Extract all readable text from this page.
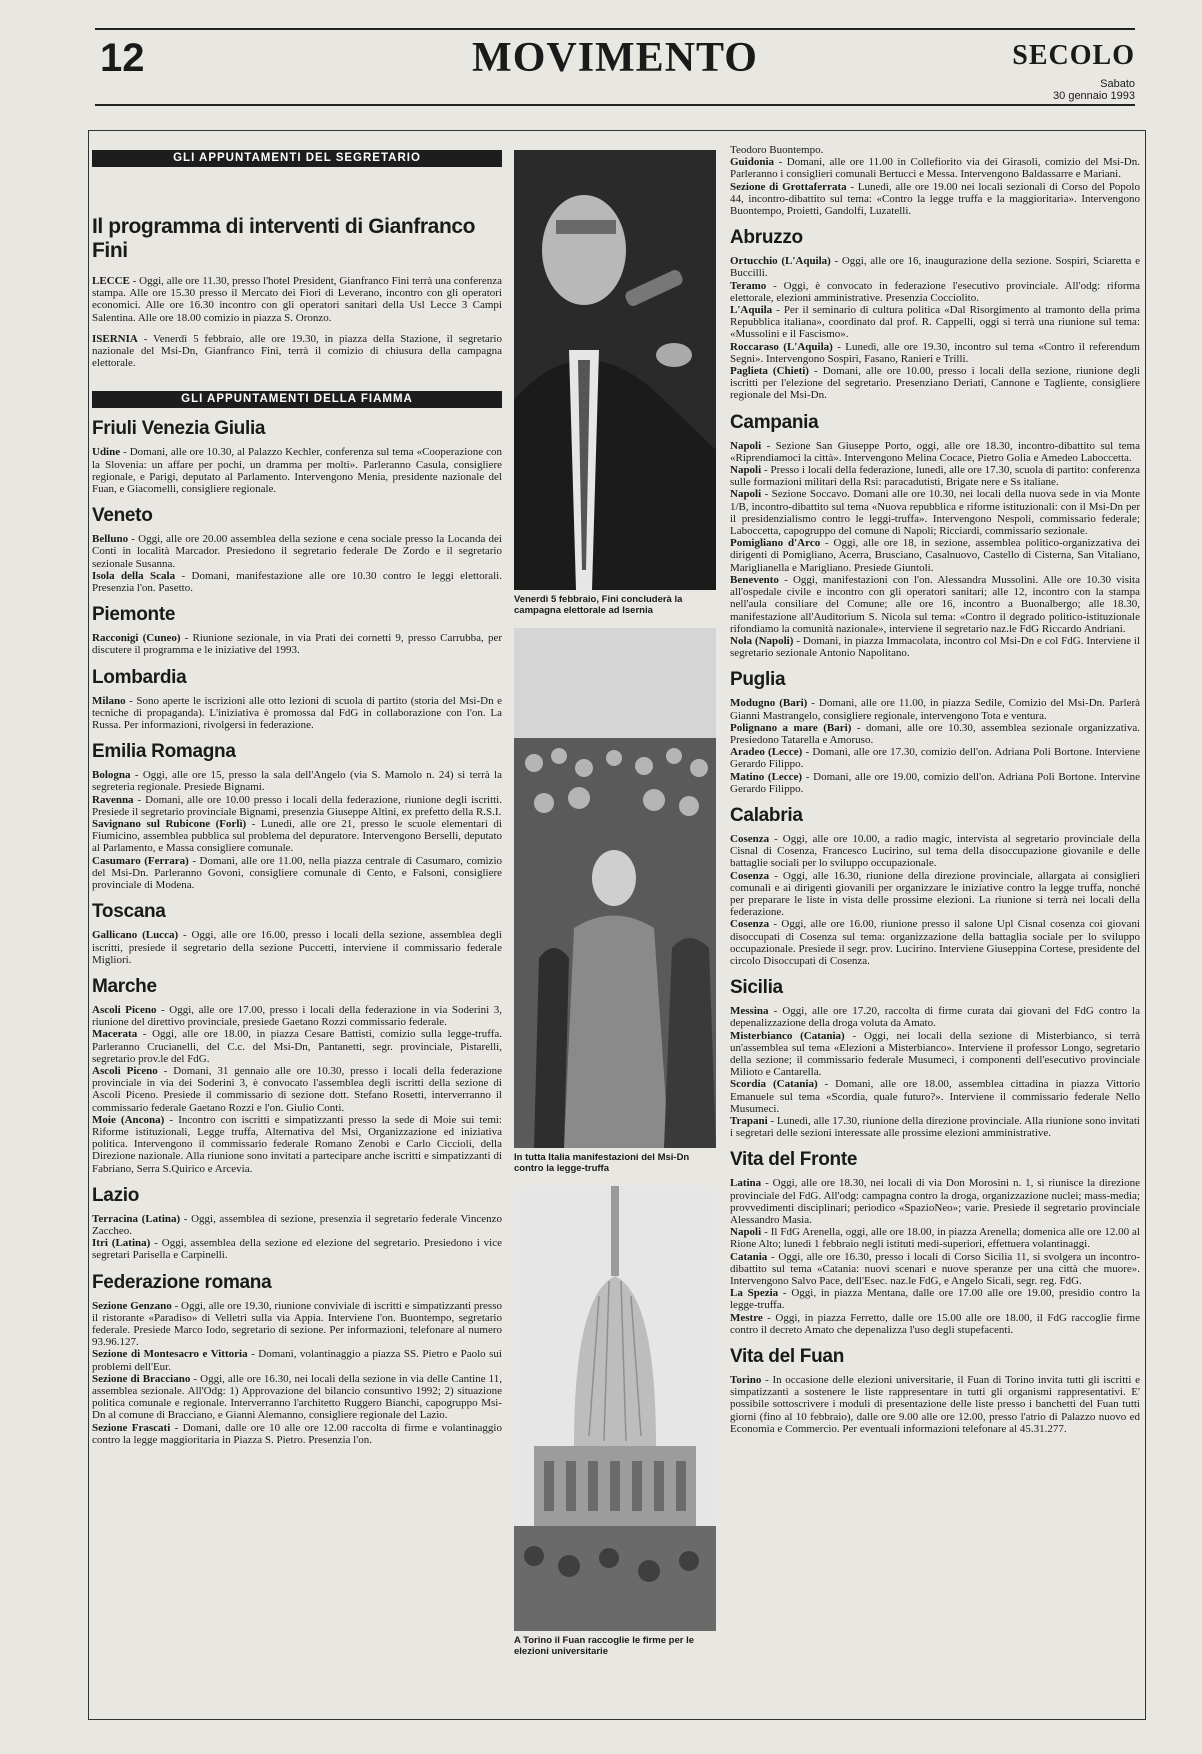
12	MOVIMENTO	SECOLO
Sabato
30 gennaio 1993
GLI APPUNTAMENTI DEL SEGRETARIO
Il programma di interventi di Gianfranco Fini

LECCE - Oggi, alle ore 11.30, presso l'hotel President, Gianfranco Fini terrà una conferenza stampa. Alle ore 15.30 presso il Mercato dei Fiori di Leverano, incontro con gli operatori economici. Alle ore 16.30 incontro con gli operatori sanitari della Usl Lecce 3 Campi Salentina. Alle ore 18.00 comizio in piazza S. Oronzo.

ISERNIA - Venerdì 5 febbraio, alle ore 19.30, in piazza della Stazione, il segretario nazionale del Msi-Dn, Gianfranco Fini, terrà il comizio di chiusura della campagna elettorale.

GLI APPUNTAMENTI DELLA FIAMMA
Friuli Venezia Giulia

Udine - Domani, alle ore 10.30, al Palazzo Kechler, conferenza sul tema «Cooperazione con la Slovenia: un affare per pochi, un dramma per molti». Parleranno Casula, consigliere regionale, e Parigi, deputato al Parlamento. Intervengono Menia, presidente nazionale del Fuan, e Giacomelli, consigliere regionale.

Veneto

Belluno - Oggi, alle ore 20.00 assemblea della sezione e cena sociale presso la Locanda dei Conti in località Marcador. Presiedono il segretario federale De Zordo e il segretario sezionale Susanna.

Isola della Scala - Domani, manifestazione alle ore 10.30 contro le leggi elettorali. Presenzia l'on. Pasetto.

Piemonte

Racconigi (Cuneo) - Riunione sezionale, in via Prati dei cornetti 9, presso Carrubba, per discutere il programma e le iniziative del 1993.

Lombardia

Milano - Sono aperte le iscrizioni alle otto lezioni di scuola di partito (storia del Msi-Dn e tecniche di propaganda). L'iniziativa è promossa dal FdG in collaborazione con l'on. La Russa. Per informazioni, rivolgersi in federazione.

Emilia Romagna

Bologna - Oggi, alle ore 15, presso la sala dell'Angelo (via S. Mamolo n. 24) si terrà la segreteria regionale. Presiede Bignami.

Ravenna - Domani, alle ore 10.00 presso i locali della federazione, riunione degli iscritti. Presiede il segretario provinciale Bignami, presenzia Giuseppe Altini, ex prefetto della R.S.I.

Savignano sul Rubicone (Forlì) - Lunedì, alle ore 21, presso le scuole elementari di Fiumicino, assemblea pubblica sul problema del depuratore. Intervengono Berselli, deputato al Parlamento, e Massa consigliere comunale.

Casumaro (Ferrara) - Domani, alle ore 11.00, nella piazza centrale di Casumaro, comizio del Msi-Dn. Parleranno Govoni, consigliere comunale di Cento, e Falsoni, consigliere provinciale di Modena.

Toscana

Gallicano (Lucca) - Oggi, alle ore 16.00, presso i locali della sezione, assemblea degli iscritti, presiede il segretario della sezione Puccetti, interviene il commissario federale Migliori.

Marche

Ascoli Piceno - Oggi, alle ore 17.00, presso i locali della federazione in via Soderini 3, riunione del direttivo provinciale, presiede Gaetano Rozzi commissario federale.

Macerata - Oggi, alle ore 18.00, in piazza Cesare Battisti, comizio sulla legge-truffa. Parleranno Crucianelli, del C.c. del Msi-Dn, Pantanetti, segr. provinciale, Pistarelli, segretario prov.le del FdG.

Ascoli Piceno - Domani, 31 gennaio alle ore 10.30, presso i locali della federazione provinciale in via dei Soderini 3, è convocato l'assemblea degli iscritti della sezione di Ascoli Piceno. Presiede il commissario di sezione dott. Stefano Rosetti, interverranno il commissario federale Gaetano Rozzi e l'on. Giulio Conti.

Moie (Ancona) - Incontro con iscritti e simpatizzanti presso la sede di Moie sui temi: Riforme istituzionali, Legge truffa, Alternativa del Msi, Organizzazione ed iniziativa politica. Intervengono il commissario federale Romano Zenobi e Carlo Ciccioli, della Direzione nazionale. Alla riunione sono invitati a partecipare anche iscritti e simpatizzanti di Fabriano, Serra S.Quirico e Arcevia.

Lazio

Terracina (Latina) - Oggi, assemblea di sezione, presenzia il segretario federale Vincenzo Zaccheo.

Itri (Latina) - Oggi, assemblea della sezione ed elezione del segretario. Presiedono i vice segretari Parisella e Carpinelli.

Federazione romana

Sezione Genzano - Oggi, alle ore 19.30, riunione conviviale di iscritti e simpatizzanti presso il ristorante «Paradiso» di Velletri sulla via Appia. Interviene l'on. Buontempo, segretario federale. Presiede Marco Iodo, segretario di sezione. Per informazioni, telefonare al numero 93.96.127.

Sezione di Montesacro e Vittoria - Domani, volantinaggio a piazza SS. Pietro e Paolo sui problemi dell'Eur.

Sezione di Bracciano - Oggi, alle ore 16.30, nei locali della sezione in via delle Cantine 11, assemblea sezionale. All'Odg: 1) Approvazione del bilancio consuntivo 1992; 2) situazione politica comunale e regionale. Interverranno l'architetto Ruggero Bianchi, capogruppo Msi-Dn al comune di Bracciano, e Gianni Alemanno, consigliere regionale del Lazio.

Sezione Frascati - Domani, dalle ore 10 alle ore 12.00 raccolta di firme e volantinaggio contro la legge maggioritaria in Piazza S. Pietro. Presenzia l'on.

Venerdì 5 febbraio, Fini concluderà la campagna elettorale ad Isernia
In tutta Italia manifestazioni del Msi-Dn contro la legge-truffa
A Torino il Fuan raccoglie le firme per le elezioni universitarie

Teodoro Buontempo.

Guidonia - Domani, alle ore 11.00 in Collefiorito via dei Girasoli, comizio del Msi-Dn. Parleranno i consiglieri comunali Bertucci e Messa. Intervengono Baldassarre e Mariani.

Sezione di Grottaferrata - Lunedì, alle ore 19.00 nei locali sezionali di Corso del Popolo 44, incontro-dibattito sul tema: «Contro la legge truffa e la maggioritaria». Intervengono Buontempo, Proietti, Gandolfi, Luzatelli.

Abruzzo

Ortucchio (L'Aquila) - Oggi, alle ore 16, inaugurazione della sezione. Sospiri, Sciaretta e Buccilli.

Teramo - Oggi, è convocato in federazione l'esecutivo provinciale. All'odg: riforma elettorale, elezioni amministrative. Presenzia Cocciolito.

L'Aquila - Per il seminario di cultura politica «Dal Risorgimento al tramonto della prima Repubblica italiana», coordinato dal prof. R. Cappelli, oggi si terrà una riunione sul tema: «Mussolini e il Fascismo».

Roccaraso (L'Aquila) - Lunedì, alle ore 19.30, incontro sul tema «Contro il referendum Segni». Intervengono Sospiri, Fasano, Ranieri e Trilli.

Paglieta (Chieti) - Domani, alle ore 10.00, presso i locali della sezione, riunione degli iscritti per l'elezione del segretario. Presenziano Deriati, Cannone e Tagliente, consigliere regionale del Msi-Dn.

Campania

Napoli - Sezione San Giuseppe Porto, oggi, alle ore 18.30, incontro-dibattito sul tema «Riprendiamoci la città». Intervengono Melina Cocace, Pietro Golia e Amedeo Laboccetta.

Napoli - Presso i locali della federazione, lunedì, alle ore 17.30, scuola di partito: conferenza sulle formazioni militari della Rsi: paracadutisti, Brigate nere e Ss italiane.

Napoli - Sezione Soccavo. Domani alle ore 10.30, nei locali della nuova sede in via Monte 1/B, incontro-dibattito sul tema «Nuova repubblica e riforme istituzionali: con il Msi-Dn per il presidenzialismo contro le leggi-truffa». Intervengono Nespoli, commissario federale; Laboccetta, capogruppo del comune di Napoli; Ricciardi, commissario sezionale.

Pomigliano d'Arco - Oggi, alle ore 18, in sezione, assemblea politico-organizzativa dei dirigenti di Pomigliano, Acerra, Brusciano, Casalnuovo, Castello di Cisterna, San Vitaliano, Mariglianella e Marigliano. Presiede Giuntoli.

Benevento - Oggi, manifestazioni con l'on. Alessandra Mussolini. Alle ore 10.30 visita all'ospedale civile e incontro con gli operatori sanitari; alle 12, incontro con la stampa nell'aula consiliare del Comune; alle ore 16, incontro a Buonalbergo; alle 18.30, manifestazione all'Auditorium S. Nicola sul tema: «Contro il degrado politico-istituzionale rifondiamo la comunità nazionale», interviene il segretario naz.le FdG Riccardo Andriani.

Nola (Napoli) - Domani, in piazza Immacolata, incontro col Msi-Dn e col FdG. Interviene il segretario sezionale Antonio Napolitano.

Puglia

Modugno (Bari) - Domani, alle ore 11.00, in piazza Sedile, Comizio del Msi-Dn. Parlerà Gianni Mastrangelo, consigliere regionale, intervengono Tota e ventura.

Polignano a mare (Bari) - domani, alle ore 10.30, assemblea sezionale organizzativa. Presiedono Tatarella e Amoruso.

Aradeo (Lecce) - Domani, alle ore 17.30, comizio dell'on. Adriana Poli Bortone. Interviene Gerardo Filippo.

Matino (Lecce) - Domani, alle ore 19.00, comizio dell'on. Adriana Poli Bortone. Intervine Gerardo Filippo.

Calabria

Cosenza - Oggi, alle ore 10.00, a radio magic, intervista al segretario provinciale della Cisnal di Cosenza, Francesco Lucirino, sul tema della disoccupazione giovanile e delle battaglie sociali per lo sviluppo occupazionale.

Cosenza - Oggi, alle 16.30, riunione della direzione provinciale, allargata ai consiglieri comunali e ai dirigenti giovanili per organizzare le iniziative contro la legge truffa, nonché per preparare le liste in vista delle prossime elezioni. La riunione si terrà nei locali della federazione.

Cosenza - Oggi, alle ore 16.00, riunione presso il salone Upl Cisnal cosenza coi giovani disoccupati di Cosenza sul tema: organizzazione della battaglia sociale per lo sviluppo occupazionale. Presiede il segr. prov. Lucirino. Interviene Giuseppina Cortese, presidente del circolo Disoccupati di Cosenza.

Sicilia

Messina - Oggi, alle ore 17.20, raccolta di firme curata dai giovani del FdG contro la depenalizzazione della droga voluta da Amato.

Misterbianco (Catania) - Oggi, nei locali della sezione di Misterbianco, si terrà un'assemblea sul tema «Elezioni a Misterbianco». Interviene il professor Longo, segretario della sezione; il commissario federale Musumeci, i componenti dell'esecutivo provinciale Milioto e Cantarella.

Scordia (Catania) - Domani, alle ore 18.00, assemblea cittadina in piazza Vittorio Emanuele sul tema «Scordia, quale futuro?». Interviene il commissario federale Nello Musumeci.

Trapani - Lunedì, alle 17.30, riunione della direzione provinciale. Alla riunione sono invitati i segretari delle sezioni interessate alle prossime elezioni amministrative.

Vita del Fronte

Latina - Oggi, alle ore 18.30, nei locali di via Don Morosini n. 1, si riunisce la direzione provinciale del FdG. All'odg: campagna contro la droga, organizzazione nuclei; mass-media; provvedimenti disciplinari; periodico «SpazioNeo»; varie. Presiede il segretario provinciale Alessandro Masia.

Napoli - Il FdG Arenella, oggi, alle ore 18.00, in piazza Arenella; domenica alle ore 12.00 al Rione Alto; lunedì 1 febbraio negli istituti medi-superiori, effettuera volantinaggi.

Catania - Oggi, alle ore 16.30, presso i locali di Corso Sicilia 11, si svolgera un incontro-dibattito sul tema «Catania: nuovi scenari e nuove speranze per una città che muore». Intervengono Salvo Pace, dell'Esec. naz.le FdG, e Angelo Sicali, segr. reg. FdG.

La Spezia - Oggi, in piazza Mentana, dalle ore 17.00 alle ore 19.00, presidio contro la legge-truffa.

Mestre - Oggi, in piazza Ferretto, dalle ore 15.00 alle ore 18.00, il FdG raccoglie firme contro il decreto Amato che depenalizza l'uso degli stupefacenti.

Vita del Fuan

Torino - In occasione delle elezioni universitarie, il Fuan di Torino invita tutti gli iscritti e simpatizzanti a sostenere le liste rappresentare in tutti gli organismi rappresentativi. E' possibile sottoscrivere i moduli di presentazione delle liste presso i banchetti del Fuan tutti giorni (fino al 10 febbraio), dalle ore 9.00 alle ore 12.00, presso l'atrio di Palazzo nuovo ed Economia e Commercio. Per eventuali informazioni telefonare al 45.31.277.
